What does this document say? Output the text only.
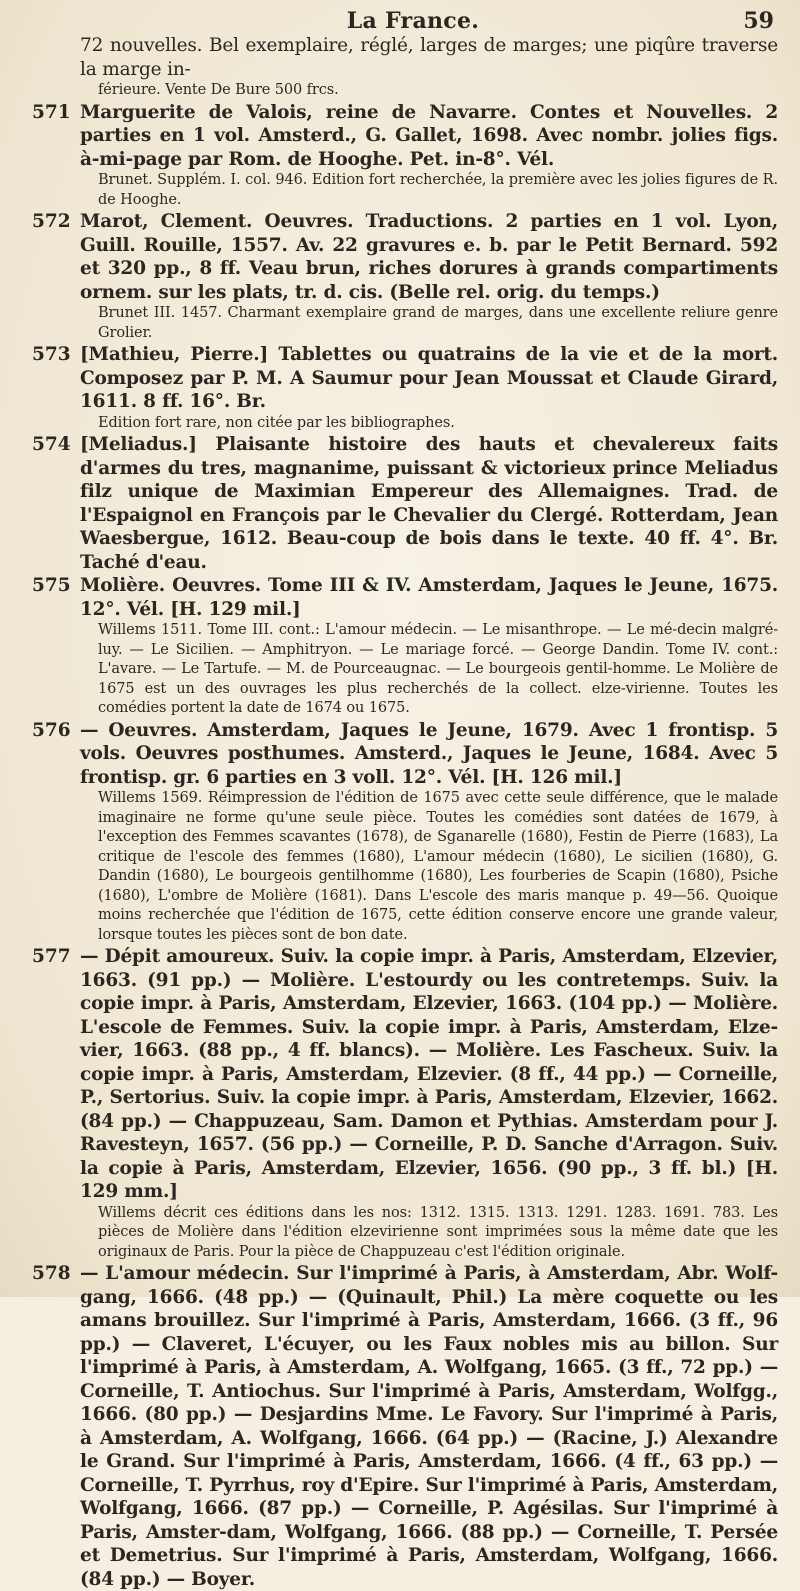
La France.	59
72 nouvelles. Bel exemplaire, réglé, larges de marges; une piqûre traverse la marge in-
férieure. Vente De Bure 500 frcs.
571 Marguerite de Valois, reine de Navarre. Contes et Nouvelles. 2 parties en 1 vol. Amsterd., G. Gallet, 1698. Avec nombr. jolies figs. à-mi-page par Rom. de Hooghe. Pet. in-8°. Vél.
Brunet. Supplém. I. col. 946. Edition fort recherchée, la première avec les jolies figures de R. de Hooghe.
572 Marot, Clement. Oeuvres. Traductions. 2 parties en 1 vol. Lyon, Guill. Rouille, 1557. Av. 22 gravures e. b. par le Petit Bernard. 592 et 320 pp., 8 ff. Veau brun, riches dorures à grands compartiments ornem. sur les plats, tr. d. cis. (Belle rel. orig. du temps.)
Brunet III. 1457. Charmant exemplaire grand de marges, dans une excellente reliure genre Grolier.
573 [Mathieu, Pierre.] Tablettes ou quatrains de la vie et de la mort. Composez par P. M. A Saumur pour Jean Moussat et Claude Girard, 1611. 8 ff. 16°. Br.
Edition fort rare, non citée par les bibliographes.
574 [Meliadus.] Plaisante histoire des hauts et chevalereux faits d'armes du tres, magnanime, puissant & victorieux prince Meliadus filz unique de Maximian Empereur des Allemaignes. Trad. de l'Espaignol en François par le Chevalier du Clergé. Rotterdam, Jean Waesbergue, 1612. Beau-coup de bois dans le texte. 40 ff. 4°. Br. Taché d'eau.
575 Molière. Oeuvres. Tome III & IV. Amsterdam, Jaques le Jeune, 1675. 12°. Vél. [H. 129 mil.]
Willems 1511. Tome III. cont.: L'amour médecin. — Le misanthrope. — Le mé-decin malgré-luy. — Le Sicilien. — Amphitryon. — Le mariage forcé. — George Dandin. Tome IV. cont.: L'avare. — Le Tartufe. — M. de Pourceaugnac. — Le bourgeois gentil-homme. Le Molière de 1675 est un des ouvrages les plus recherchés de la collect. elze-virienne. Toutes les comédies portent la date de 1674 ou 1675.
576 — Oeuvres. Amsterdam, Jaques le Jeune, 1679. Avec 1 frontisp. 5 vols. Oeuvres posthumes. Amsterd., Jaques le Jeune, 1684. Avec 5 frontisp. gr. 6 parties en 3 voll. 12°. Vél. [H. 126 mil.]
Willems 1569. Réimpression de l'édition de 1675 avec cette seule différence, que le malade imaginaire ne forme qu'une seule pièce. Toutes les comédies sont datées de 1679, à l'exception des Femmes scavantes (1678), de Sganarelle (1680), Festin de Pierre (1683), La critique de l'escole des femmes (1680), L'amour médecin (1680), Le sicilien (1680), G. Dandin (1680), Le bourgeois gentilhomme (1680), Les fourberies de Scapin (1680), Psiche (1680), L'ombre de Molière (1681). Dans L'escole des maris manque p. 49—56. Quoique moins recherchée que l'édition de 1675, cette édition conserve encore une grande valeur, lorsque toutes les pièces sont de bon date.
577 — Dépit amoureux. Suiv. la copie impr. à Paris, Amsterdam, Elzevier, 1663. (91 pp.) — Molière. L'estourdy ou les contretemps. Suiv. la copie impr. à Paris, Amsterdam, Elzevier, 1663. (104 pp.) — Molière. L'escole de Femmes. Suiv. la copie impr. à Paris, Amsterdam, Elze-vier, 1663. (88 pp., 4 ff. blancs). — Molière. Les Fascheux. Suiv. la copie impr. à Paris, Amsterdam, Elzevier. (8 ff., 44 pp.) — Corneille, P., Sertorius. Suiv. la copie impr. à Paris, Amsterdam, Elzevier, 1662. (84 pp.) — Chappuzeau, Sam. Damon et Pythias. Amsterdam pour J. Ravesteyn, 1657. (56 pp.) — Corneille, P. D. Sanche d'Arragon. Suiv. la copie à Paris, Amsterdam, Elzevier, 1656. (90 pp., 3 ff. bl.) [H. 129 mm.]
Willems décrit ces éditions dans les nos: 1312. 1315. 1313. 1291. 1283. 1691. 783. Les pièces de Molière dans l'édition elzevirienne sont imprimées sous la même date que les originaux de Paris. Pour la pièce de Chappuzeau c'est l'édition originale.
578 — L'amour médecin. Sur l'imprimé à Paris, à Amsterdam, Abr. Wolf-gang, 1666. (48 pp.) — (Quinault, Phil.) La mère coquette ou les amans brouillez. Sur l'imprimé à Paris, Amsterdam, 1666. (3 ff., 96 pp.) — Claveret, L'écuyer, ou les Faux nobles mis au billon. Sur l'imprimé à Paris, à Amsterdam, A. Wolfgang, 1665. (3 ff., 72 pp.) — Corneille, T. Antiochus. Sur l'imprimé à Paris, Amsterdam, Wolfgg., 1666. (80 pp.) — Desjardins Mme. Le Favory. Sur l'imprimé à Paris, à Amsterdam, A. Wolfgang, 1666. (64 pp.) — (Racine, J.) Alexandre le Grand. Sur l'imprimé à Paris, Amsterdam, 1666. (4 ff., 63 pp.) — Corneille, T. Pyrrhus, roy d'Epire. Sur l'imprimé à Paris, Amsterdam, Wolfgang, 1666. (87 pp.) — Corneille, P. Agésilas. Sur l'imprimé à Paris, Amster-dam, Wolfgang, 1666. (88 pp.) — Corneille, T. Persée et Demetrius. Sur l'imprimé à Paris, Amsterdam, Wolfgang, 1666. (84 pp.) — Boyer.
